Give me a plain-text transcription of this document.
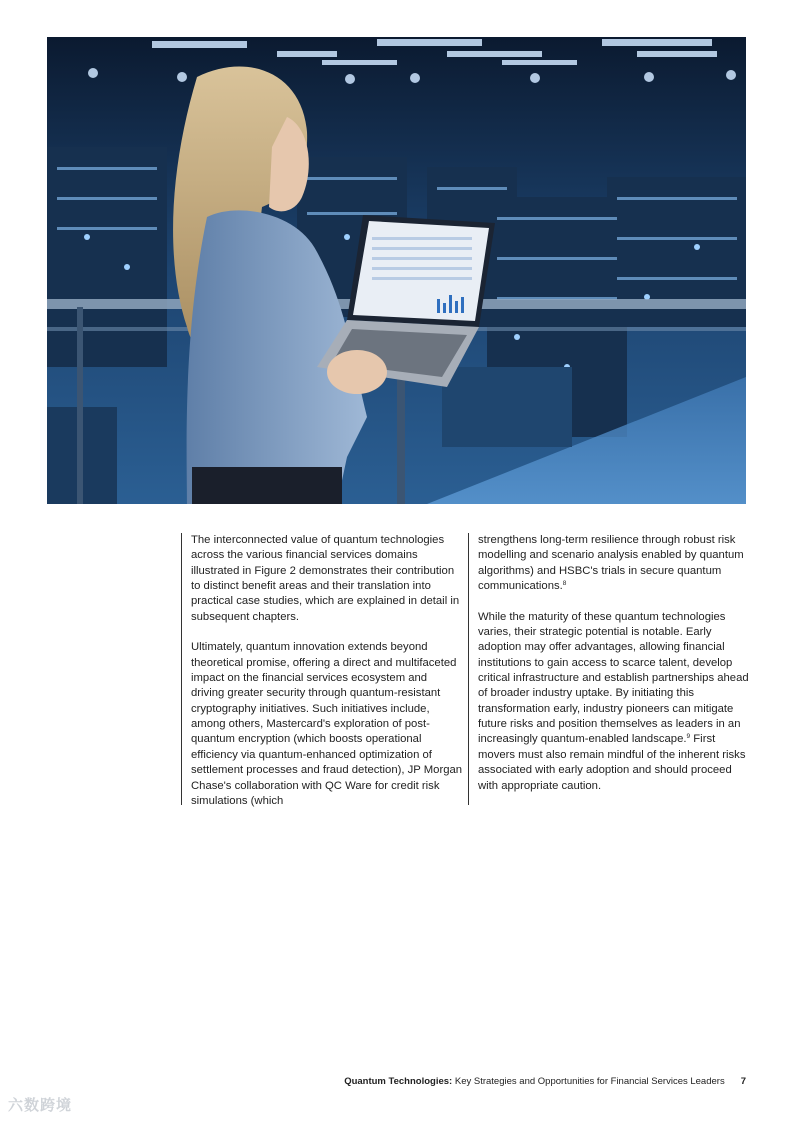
The interconnected value of quantum technologies across the various financial services domains illustrated in Figure 2 demonstrates their contribution to distinct benefit areas and their translation into practical case studies, which are explained in detail in subsequent chapters.

Ultimately, quantum innovation extends beyond theoretical promise, offering a direct and multifaceted impact on the financial services ecosystem and driving greater security through quantum-resistant cryptography initiatives. Such initiatives include, among others, Mastercard's exploration of post-quantum encryption (which boosts operational efficiency via quantum-enhanced optimization of settlement processes and fraud detection), JP Morgan Chase's collaboration with QC Ware for credit risk simulations (which

strengthens long-term resilience through robust risk modelling and scenario analysis enabled by quantum algorithms) and HSBC's trials in secure quantum communications.$^8$

While the maturity of these quantum technologies varies, their strategic potential is notable. Early adoption may offer advantages, allowing financial institutions to gain access to scarce talent, develop critical infrastructure and establish partnerships ahead of broader industry uptake. By initiating this transformation early, industry pioneers can mitigate future risks and position themselves as leaders in an increasingly quantum-enabled landscape.$^9$ First movers must also remain mindful of the inherent risks associated with early adoption and should proceed with appropriate caution.

Quantum Technologies: Key Strategies and Opportunities for Financial Services Leaders 7
六数跨境
